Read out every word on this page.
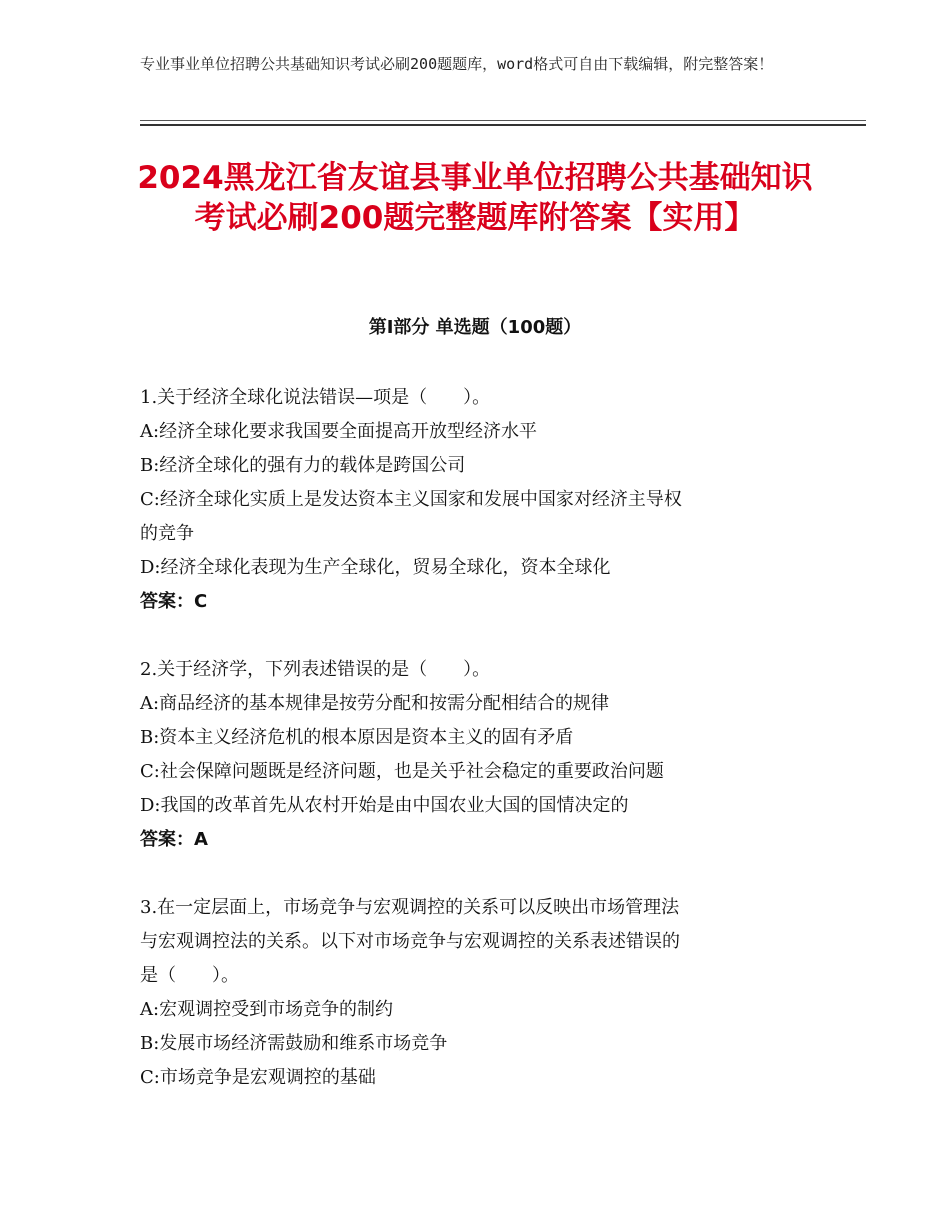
专业事业单位招聘公共基础知识考试必刷200题题库，word格式可自由下载编辑，附完整答案！
2024黑龙江省友谊县事业单位招聘公共基础知识考试必刷200题完整题库附答案【实用】
第Ⅰ部分 单选题（100题）
1.关于经济全球化说法错误—项是（　　）。
A:经济全球化要求我国要全面提高开放型经济水平
B:经济全球化的强有力的载体是跨国公司
C:经济全球化实质上是发达资本主义国家和发展中国家对经济主导权
的竞争
D:经济全球化表现为生产全球化，贸易全球化，资本全球化
答案：C
2.关于经济学，下列表述错误的是（　　）。
A:商品经济的基本规律是按劳分配和按需分配相结合的规律
B:资本主义经济危机的根本原因是资本主义的固有矛盾
C:社会保障问题既是经济问题，也是关乎社会稳定的重要政治问题
D:我国的改革首先从农村开始是由中国农业大国的国情决定的
答案：A
3.在一定层面上，市场竞争与宏观调控的关系可以反映出市场管理法
与宏观调控法的关系。以下对市场竞争与宏观调控的关系表述错误的
是（　　）。
A:宏观调控受到市场竞争的制约
B:发展市场经济需鼓励和维系市场竞争
C:市场竞争是宏观调控的基础
